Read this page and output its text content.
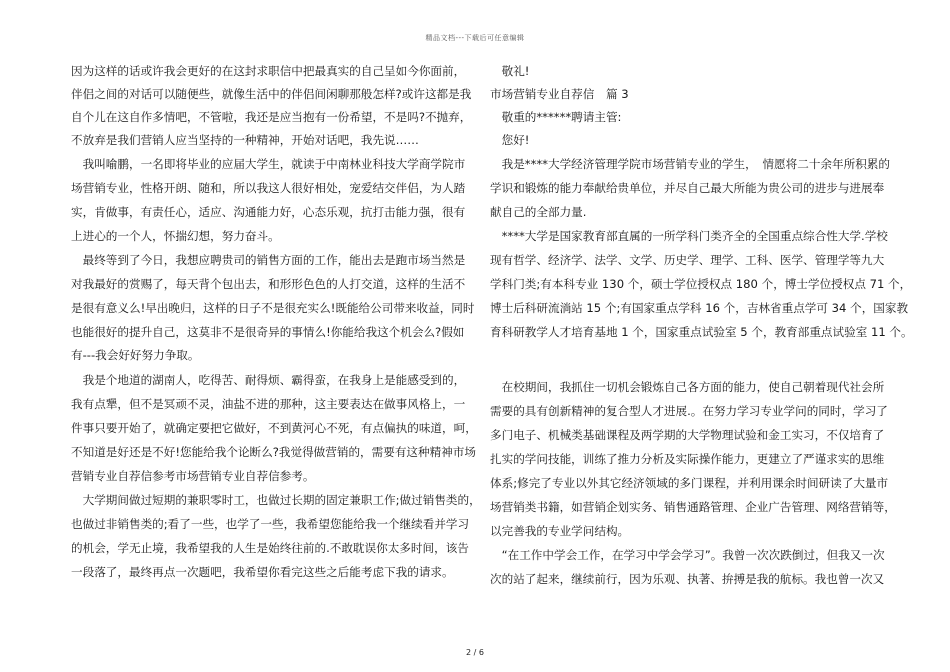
精品文档---下载后可任意编辑

因为这样的话或许我会更好的在这封求职信中把最真实的自己呈如今你面前，

伴侣之间的对话可以随便些，就像生活中的伴侣间闲聊那般怎样?或许这都是我

自个儿在这自作多情吧，不管啦，我还是应当抱有一份希望，不是吗?不抛弃，

不放弃是我们营销人应当坚持的一种精神，开始对话吧，我先说……

　我叫喻鹏，一名即将毕业的应届大学生，就读于中南林业科技大学商学院市

场营销专业，性格开朗、随和，所以我这人很好相处，宠爱结交伴侣，为人踏

实，肯做事，有责任心，适应、沟通能力好，心态乐观，抗打击能力强，很有

上进心的一个人，怀揣幻想，努力奋斗。

　最终等到了今日，我想应聘贵司的销售方面的工作，能出去是跑市场当然是

对我最好的赏赐了，每天背个包出去，和形形色色的人打交道，这样的生活不

是很有意义么!早出晚归，这样的日子不是很充实么!既能给公司带来收益，同时

也能很好的提升自己，这莫非不是很奇异的事情么!你能给我这个机会么?假如

有---我会好好努力争取。

　我是个地道的湖南人，吃得苦、耐得烦、霸得蛮，在我身上是能感受到的，

我有点犟，但不是冥顽不灵，油盐不进的那种，这主要表达在做事风格上，一

件事只要开始了，就确定要把它做好，不到黄河心不死，有点偏执的味道，呵，

不知道是好还是不好!您能给我个论断么?我觉得做营销的，需要有这种精神市场

营销专业自荐信参考市场营销专业自荐信参考。

　大学期间做过短期的兼职零时工，也做过长期的固定兼职工作;做过销售类的，

也做过非销售类的;看了一些，也学了一些，我希望您能给我一个继续看并学习

的机会，学无止境，我希望我的人生是始终往前的.不敢耽误你太多时间，该告

一段落了，最终再点一次题吧，我希望你看完这些之后能考虑下我的请求。

　敬礼!

市场营销专业自荐信　篇 3

　敬重的******聘请主管:

　您好!

　我是****大学经济管理学院市场营销专业的学生，　情愿将二十余年所积累的

学识和锻炼的能力奉献给贵单位，并尽自己最大所能为贵公司的进步与进展奉

献自己的全部力量.

　****大学是国家教育部直属的一所学科门类齐全的全国重点综合性大学.学校

现有哲学、经济学、法学、文学、历史学、理学、工科、医学、管理学等九大

学科门类;有本科专业 130 个，硕士学位授权点 180 个，博士学位授权点 71 个，

博士后科研流淌站 15 个;有国家重点学科 16 个，吉林省重点学可 34 个，国家教

育科研教学人才培育基地 1 个，国家重点试验室 5 个，教育部重点试验室 11 个。

　在校期间，我抓住一切机会锻炼自己各方面的能力，使自己朝着现代社会所

需要的具有创新精神的复合型人才进展.。在努力学习专业学问的同时，学习了

多门电子、机械类基础课程及两学期的大学物理试验和金工实习，不仅培育了

扎实的学问技能，训练了推力分析及实际操作能力，更建立了严谨求实的思维

体系;修完了专业以外其它经济领域的多门课程，并利用课余时间研读了大量市

场营销类书籍，如营销企划实务、销售通路管理、企业广告管理、网络营销等，

以完善我的专业学问结构。

　“在工作中学会工作，在学习中学会学习”。我曾一次次跌倒过，但我又一次

次的站了起来，继续前行，因为乐观、执著、拚搏是我的航标。我也曾一次又

2 / 6
